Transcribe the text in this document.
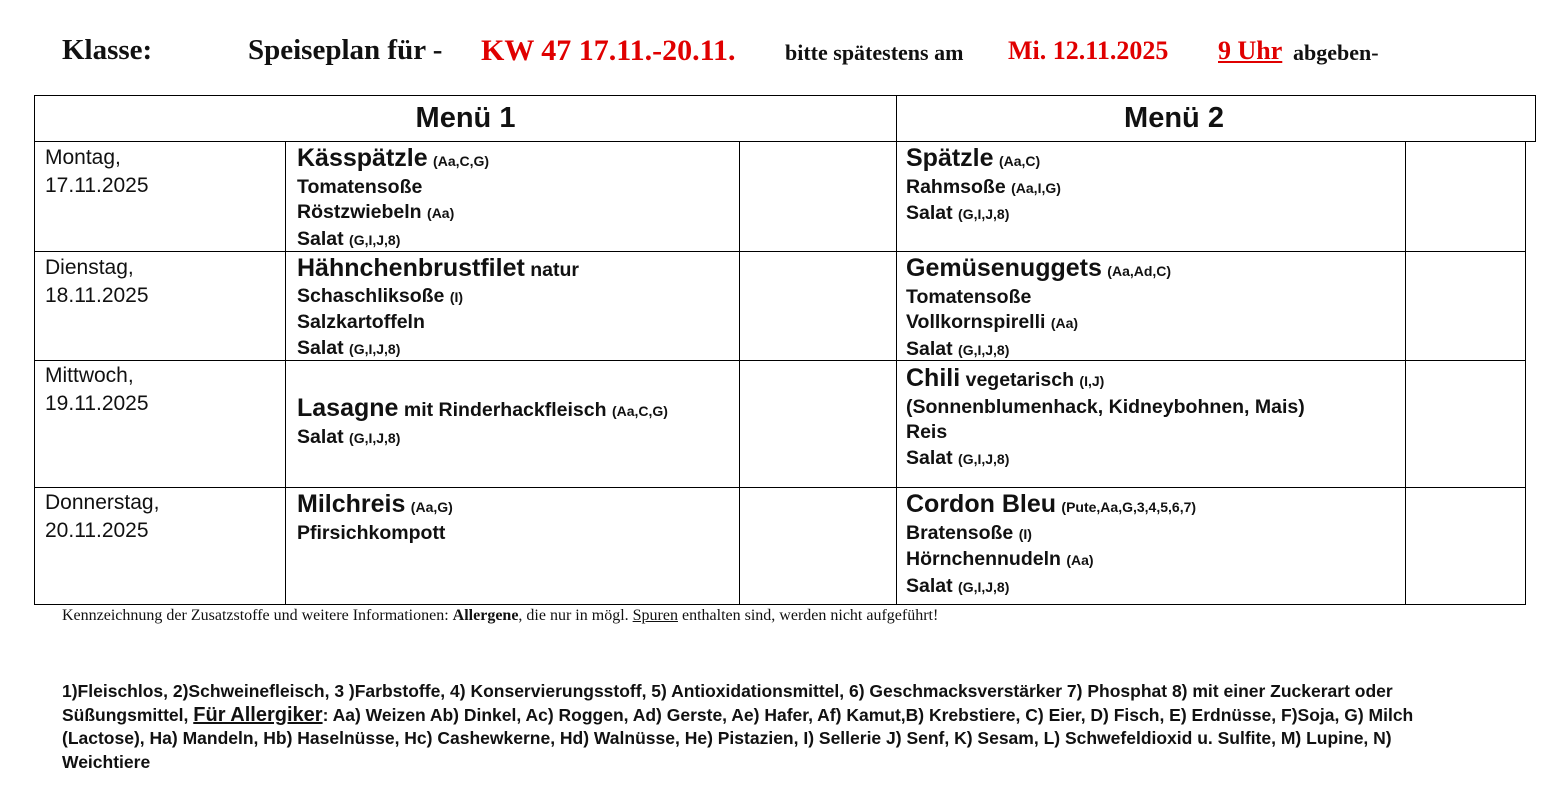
Klasse:	Speiseplan für - KW 47 17.11.-20.11. bitte spätestens am Mi. 12.11.2025 9 Uhr abgeben-
Menü 1	Menü 2
Montag,
17.11.2025
Dienstag,
18.11.2025
Mittwoch,
19.11.2025
Donnerstag,
20.11.2025
Kässpätzle (Aa,C,G)
Tomatensoße
Röstzwiebeln (Aa)
Salat (G,I,J,8)
Spätzle (Aa,C)
Rahmsoße (Aa,I,G)
Salat (G,I,J,8)
Hähnchenbrustfilet natur
Schaschliksoße (I)
Salzkartoffeln
Salat (G,I,J,8)
Gemüsenuggets (Aa,Ad,C)
Tomatensoße
Vollkornspirelli (Aa)
Salat (G,I,J,8)
Lasagne mit Rinderhackfleisch (Aa,C,G)
Salat (G,I,J,8)
Chili vegetarisch (I,J)
(Sonnenblumenhack, Kidneybohnen, Mais)
Reis
Salat (G,I,J,8)
Milchreis (Aa,G)
Pfirsichkompott
Cordon Bleu (Pute,Aa,G,3,4,5,6,7)
Bratensoße (I)
Hörnchennudeln (Aa)
Salat (G,I,J,8)
Kennzeichnung der Zusatzstoffe und weitere Informationen: Allergene, die nur in mögl. Spuren enthalten sind, werden nicht aufgeführt!
1)Fleischlos, 2)Schweinefleisch, 3 )Farbstoffe, 4) Konservierungsstoff, 5) Antioxidationsmittel, 6) Geschmacksverstärker 7) Phosphat 8) mit einer Zuckerart oder Süßungsmittel, Für Allergiker: Aa) Weizen Ab) Dinkel, Ac) Roggen, Ad) Gerste, Ae) Hafer, Af) Kamut,B) Krebstiere, C) Eier, D) Fisch, E) Erdnüsse, F)Soja, G) Milch (Lactose), Ha) Mandeln, Hb) Haselnüsse, Hc) Cashewkerne, Hd) Walnüsse, He) Pistazien, I) Sellerie J) Senf, K) Sesam, L) Schwefeldioxid u. Sulfite, M) Lupine, N) Weichtiere
